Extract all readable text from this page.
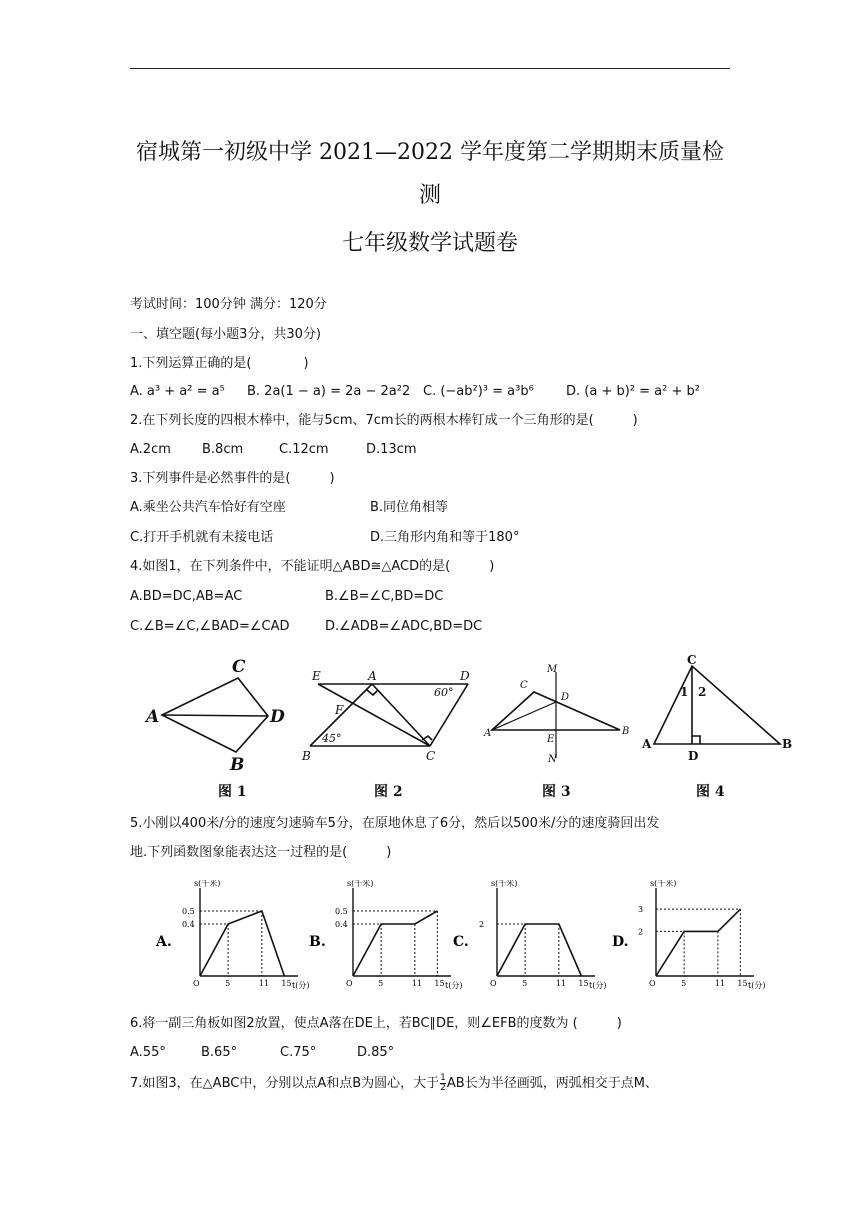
宿城第一初级中学 2021—2022 学年度第二学期期末质量检
测
七年级数学试题卷
考试时间：100分钟 满分：120分
一、填空题(每小题3分，共30分)
1.下列运算正确的是(　　　　)
A. a³ + a² = a⁵ B. 2a(1 − a) = 2a − 2a²2 C. (−ab²)³ = a³b⁶ D. (a + b)² = a² + b²
2.在下列长度的四根木棒中，能与5cm、7cm长的两根木棒钉成一个三角形的是(　　　)
A.2cm B.8cm	C.12cm	D.13cm
3.下列事件是必然事件的是(　　　)
A.乘坐公共汽车恰好有空座	B.同位角相等
C.打开手机就有未接电话	D.三角形内角和等于180°
4.如图1，在下列条件中，不能证明△ABD≅△ACD的是(　　　)
A.BD=DC,AB=AC	B.∠B=∠C,BD=DC
C.∠B=∠C,∠BAD=∠CAD	D.∠ADB=∠ADC,BD=DC
A
C
D
B
E	A	D
F
B	C
60°
45°
M
C
D
A
E
B
N
C
1 2
A
D
B
图 1	图 2	图 3	图 4
5.小刚以400米/分的速度匀速骑车5分，在原地休息了6分，然后以500米/分的速度骑回出发
地.下列函数图象能表达这一过程的是(　　　)
A.
s(千米)
t(分)
O
0.5
0.4
5	11 15
B.
s(千米)
t(分)
O
0.5
0.4
5	11 15
C.
s(千米)
t(分)
O
2
5	11 15
D.
s(千米)
t(分)
O
3
2
5	11 15
6.将一副三角板如图2放置，使点A落在DE上，若BC∥DE，则∠EFB的度数为 (　　　)
A.55°	B.65°	C.75°	D.85°
7.如图3，在△ABC中，分别以点A和点B为圆心，大于 $\frac{1}{2}$ AB长为半径画弧，两弧相交于点M、
